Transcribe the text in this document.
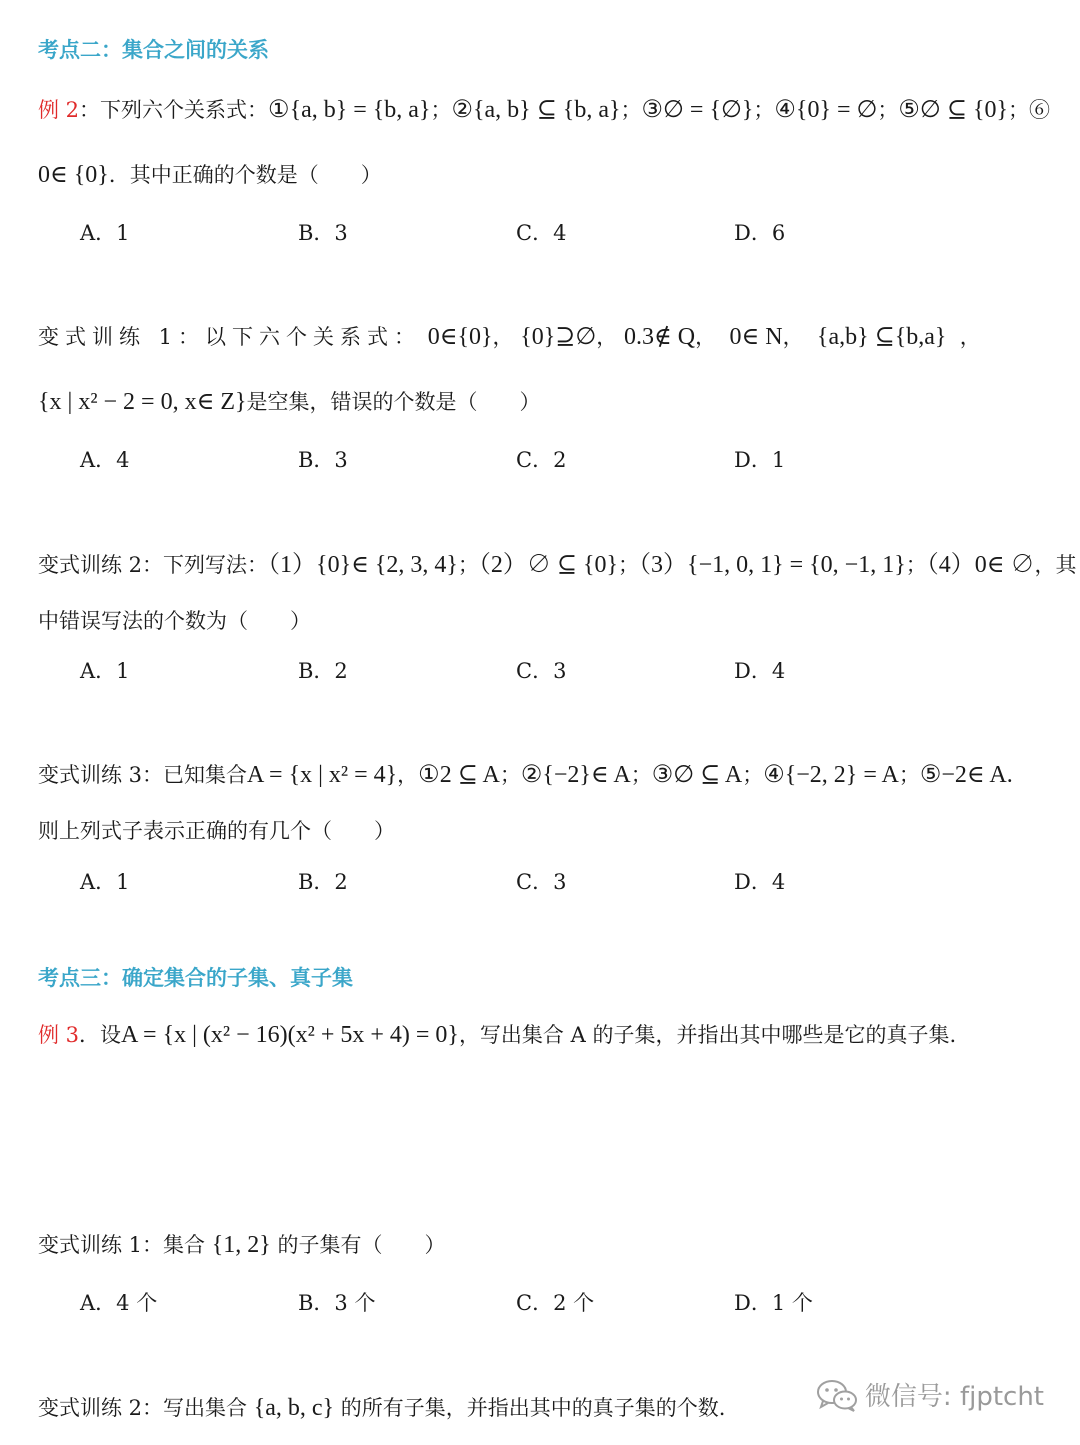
考点二：集合之间的关系
例 2：下列六个关系式：①{a, b} = {b, a}；②{a, b} ⊆ {b, a}；③∅ = {∅}；④{0} = ∅；⑤∅ ⊆ {0}；⑥
0∈ {0}．其中正确的个数是（　　）
A．1	B．3	C．4	D．6
变式训练 1：以下六个关系式： 0∈{0}， {0}⊇∅， 0.3∉ Q，  0∈ N，  {a,b} ⊆{b,a}  ，
{x | x² − 2 = 0, x∈ Z}是空集，错误的个数是（　　）
A．4	B．3	C．2	D．1
变式训练 2：下列写法：（1）{0}∈ {2, 3, 4}；（2）∅ ⊆ {0}；（3）{−1, 0, 1} = {0, −1, 1}；（4）0∈ ∅，其
中错误写法的个数为（　　）
A．1	B．2	C．3	D．4
变式训练 3：已知集合A = {x | x² = 4}，①2 ⊆ A；②{−2}∈ A；③∅ ⊆ A；④{−2, 2} = A；⑤−2∈ A.
则上列式子表示正确的有几个（　　）
A．1	B．2	C．3	D．4
考点三：确定集合的子集、真子集
例 3．设A = {x | (x² − 16)(x² + 5x + 4) = 0}，写出集合 A 的子集，并指出其中哪些是它的真子集.
变式训练 1：集合 {1, 2} 的子集有（　　）
A．4 个	B．3 个	C．2 个	D．1 个
变式训练 2：写出集合 {a, b, c} 的所有子集，并指出其中的真子集的个数.	微信号: fjptcht
